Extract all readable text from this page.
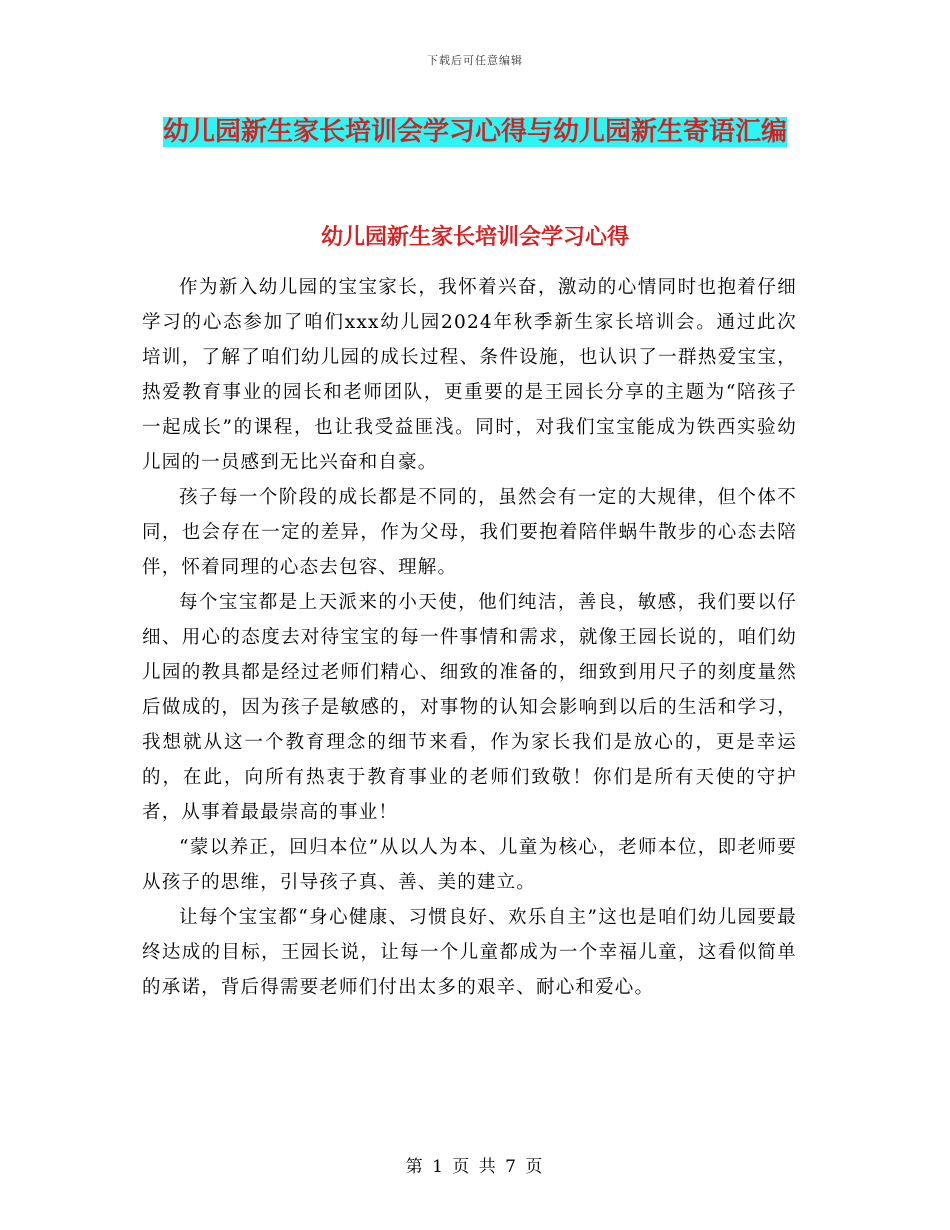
下载后可任意编辑
幼儿园新生家长培训会学习心得与幼儿园新生寄语汇编
幼儿园新生家长培训会学习心得

作为新入幼儿园的宝宝家长，我怀着兴奋，激动的心情同时也抱着仔细学习的心态参加了咱们xxx幼儿园2024年秋季新生家长培训会。通过此次培训，了解了咱们幼儿园的成长过程、条件设施，也认识了一群热爱宝宝，热爱教育事业的园长和老师团队，更重要的是王园长分享的主题为“陪孩子一起成长”的课程，也让我受益匪浅。同时，对我们宝宝能成为铁西实验幼儿园的一员感到无比兴奋和自豪。

孩子每一个阶段的成长都是不同的，虽然会有一定的大规律，但个体不同，也会存在一定的差异，作为父母，我们要抱着陪伴蜗牛散步的心态去陪伴，怀着同理的心态去包容、理解。

每个宝宝都是上天派来的小天使，他们纯洁，善良，敏感，我们要以仔细、用心的态度去对待宝宝的每一件事情和需求，就像王园长说的，咱们幼儿园的教具都是经过老师们精心、细致的准备的，细致到用尺子的刻度量然后做成的，因为孩子是敏感的，对事物的认知会影响到以后的生活和学习，我想就从这一个教育理念的细节来看，作为家长我们是放心的，更是幸运的，在此，向所有热衷于教育事业的老师们致敬！你们是所有天使的守护者，从事着最最崇高的事业！

“蒙以养正，回归本位”从以人为本、儿童为核心，老师本位，即老师要从孩子的思维，引导孩子真、善、美的建立。

让每个宝宝都“身心健康、习惯良好、欢乐自主”这也是咱们幼儿园要最终达成的目标，王园长说，让每一个儿童都成为一个幸福儿童，这看似简单的承诺，背后得需要老师们付出太多的艰辛、耐心和爱心。

第 1 页 共 7 页
